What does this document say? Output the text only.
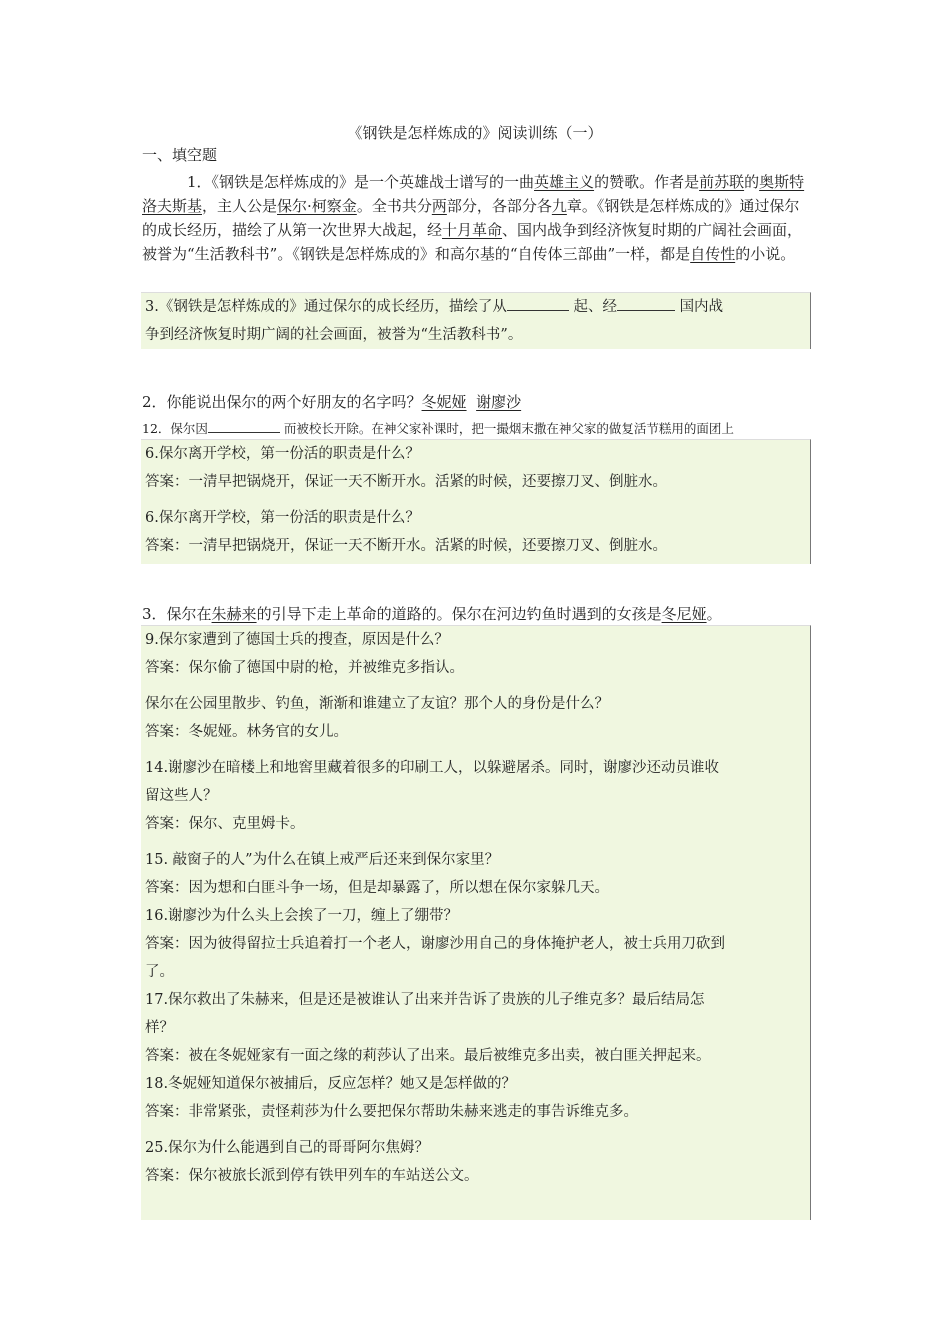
《钢铁是怎样炼成的》阅读训练（一）
一、填空题

1．《钢铁是怎样炼成的》是一个英雄战士谱写的一曲英雄主义的赞歌。作者是前苏联的奥斯特洛夫斯基，主人公是保尔·柯察金。全书共分两部分，各部分各九章。《钢铁是怎样炼成的》通过保尔的成长经历，描绘了从第一次世界大战起，经十月革命、国内战争到经济恢复时期的广阔社会画面，被誉为“生活教科书”。《钢铁是怎样炼成的》和高尔基的“自传体三部曲”一样，都是自传性的小说。

3.《钢铁是怎样炼成的》通过保尔的成长经历，描绘了从	起、经	国内战

争到经济恢复时期广阔的社会画面，被誉为“生活教科书”。

2．你能说出保尔的两个好朋友的名字吗？冬妮娅 谢廖沙
12．保尔因	而被校长开除。在神父家补课时，把一撮烟末撒在神父家的做复活节糕用的面团上

6.保尔离开学校，第一份活的职责是什么？

答案：一清早把锅烧开，保证一天不断开水。活紧的时候，还要擦刀叉、倒脏水。

6.保尔离开学校，第一份活的职责是什么？

答案：一清早把锅烧开，保证一天不断开水。活紧的时候，还要擦刀叉、倒脏水。

3．保尔在朱赫来的引导下走上革命的道路的。保尔在河边钓鱼时遇到的女孩是冬尼娅。

9.保尔家遭到了德国士兵的搜查，原因是什么？

答案：保尔偷了德国中尉的枪，并被维克多指认。

保尔在公园里散步、钓鱼，渐渐和谁建立了友谊？那个人的身份是什么？

答案：冬妮娅。林务官的女儿。

14.谢廖沙在暗楼上和地窖里藏着很多的印刷工人，以躲避屠杀。同时，谢廖沙还动员谁收

留这些人？

答案：保尔、克里姆卡。

15. 敲窗子的人”为什么在镇上戒严后还来到保尔家里？

答案：因为想和白匪斗争一场，但是却暴露了，所以想在保尔家躲几天。

16.谢廖沙为什么头上会挨了一刀，缠上了绷带？

答案：因为彼得留拉士兵追着打一个老人，谢廖沙用自己的身体掩护老人，被士兵用刀砍到

了。

17.保尔救出了朱赫来，但是还是被谁认了出来并告诉了贵族的儿子维克多？最后结局怎

样？

答案：被在冬妮娅家有一面之缘的莉莎认了出来。最后被维克多出卖，被白匪关押起来。

18.冬妮娅知道保尔被捕后，反应怎样？她又是怎样做的？

答案：非常紧张，责怪莉莎为什么要把保尔帮助朱赫来逃走的事告诉维克多。

25.保尔为什么能遇到自己的哥哥阿尔焦姆？

答案：保尔被旅长派到停有铁甲列车的车站送公文。
